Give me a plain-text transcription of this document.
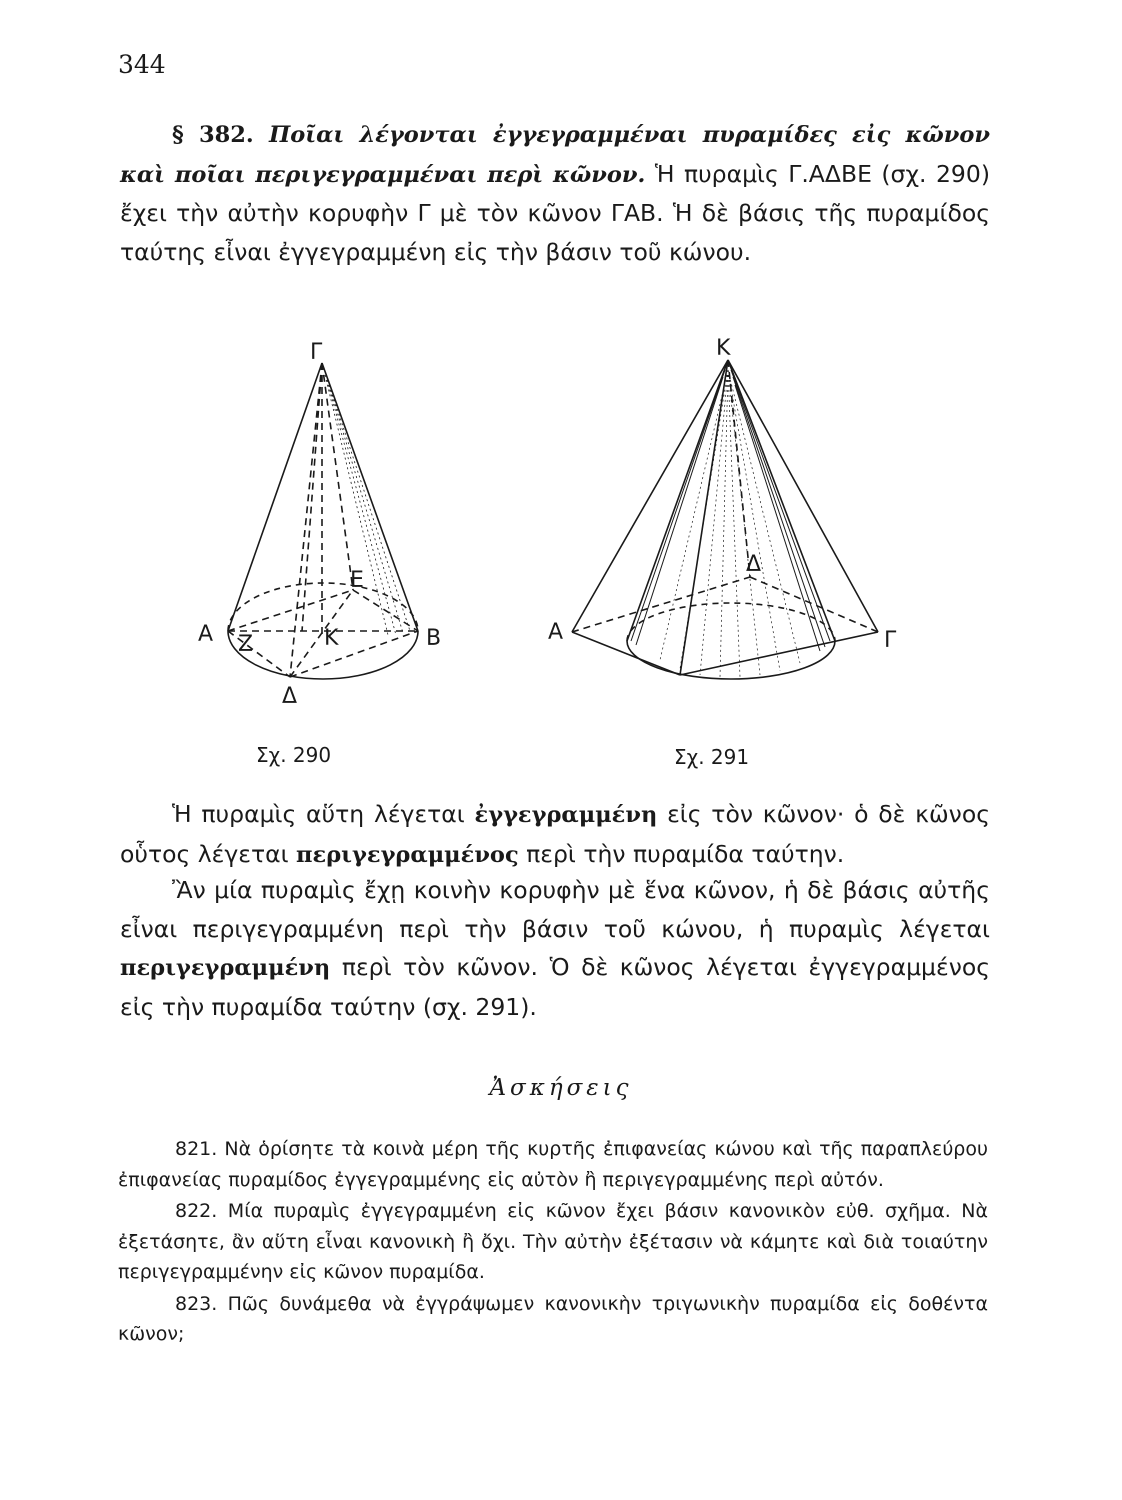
344

§ 382. Ποῖαι λέγονται ἐγγεγραμμέναι πυραμίδες εἰς κῶνον καὶ ποῖαι περιγεγραμμέναι περὶ κῶνον. Ἡ πυραμὶς Γ.ΑΔΒΕ (σχ. 290) ἔχει τὴν αὐτὴν κορυφὴν Γ μὲ τὸν κῶνον ΓΑΒ. Ἡ δὲ βάσις τῆς πυραμίδος ταύτης εἶναι ἐγγεγραμμένη εἰς τὴν βάσιν τοῦ κώνου.

Γ
Α	Β
Δ
Ε
Κ
Ζ
Κ
Α	Γ
Δ
Σχ. 290	Σχ. 291

Ἡ πυραμὶς αὕτη λέγεται ἐγγεγραμμένη εἰς τὸν κῶνον· ὁ δὲ κῶνος οὗτος λέγεται περιγεγραμμένος περὶ τὴν πυραμίδα ταύτην.

Ἂν μία πυραμὶς ἔχῃ κοινὴν κορυφὴν μὲ ἕνα κῶνον, ἡ δὲ βάσις αὐτῆς εἶναι περιγεγραμμένη περὶ τὴν βάσιν τοῦ κώνου, ἡ πυραμὶς λέγεται περιγεγραμμένη περὶ τὸν κῶνον. Ὁ δὲ κῶνος λέγεται ἐγγεγραμμένος εἰς τὴν πυραμίδα ταύτην (σχ. 291).

Ἀσκήσεις

821. Νὰ ὁρίσητε τὰ κοινὰ μέρη τῆς κυρτῆς ἐπιφανείας κώνου καὶ τῆς παραπλεύρου ἐπιφανείας πυραμίδος ἐγγεγραμμένης εἰς αὐτὸν ἢ περιγεγραμμένης περὶ αὐτόν.

822. Μία πυραμὶς ἐγγεγραμμένη εἰς κῶνον ἔχει βάσιν κανονικὸν εὐθ. σχῆμα. Νὰ ἐξετάσητε, ἂν αὕτη εἶναι κανονικὴ ἢ ὄχι. Τὴν αὐτὴν ἐξέτασιν νὰ κάμητε καὶ διὰ τοιαύτην περιγεγραμμένην εἰς κῶνον πυραμίδα.

823. Πῶς δυνάμεθα νὰ ἐγγράψωμεν κανονικὴν τριγωνικὴν πυραμίδα εἰς δοθέντα κῶνον;
